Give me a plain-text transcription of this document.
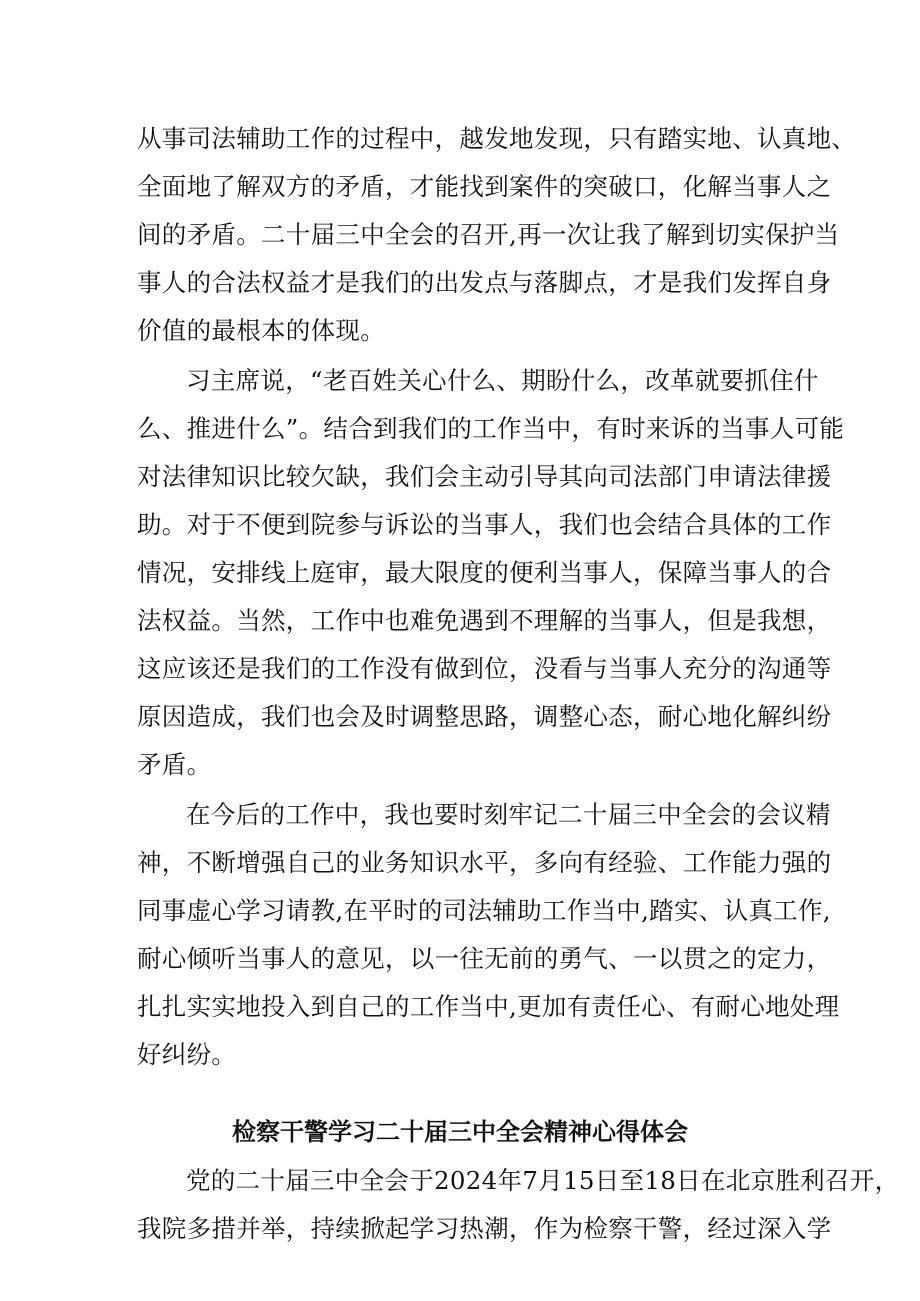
从事司法辅助工作的过程中，越发地发现，只有踏实地、认真地、
全面地了解双方的矛盾，才能找到案件的突破口，化解当事人之
间的矛盾。二十届三中全会的召开,再一次让我了解到切实保护当
事人的合法权益才是我们的出发点与落脚点，才是我们发挥自身
价值的最根本的体现。
习主席说，“老百姓关心什么、期盼什么，改革就要抓住什
么、推进什么”。结合到我们的工作当中，有时来诉的当事人可能
对法律知识比较欠缺，我们会主动引导其向司法部门申请法律援
助。对于不便到院参与诉讼的当事人，我们也会结合具体的工作
情况，安排线上庭审，最大限度的便利当事人，保障当事人的合
法权益。当然，工作中也难免遇到不理解的当事人，但是我想，
这应该还是我们的工作没有做到位，没看与当事人充分的沟通等
原因造成，我们也会及时调整思路，调整心态，耐心地化解纠纷
矛盾。
在今后的工作中，我也要时刻牢记二十届三中全会的会议精
神，不断增强自己的业务知识水平，多向有经验、工作能力强的
同事虚心学习请教,在平时的司法辅助工作当中,踏实、认真工作,
耐心倾听当事人的意见，以一往无前的勇气、一以贯之的定力，
扎扎实实地投入到自己的工作当中,更加有责任心、有耐心地处理
好纠纷。
检察干警学习二十届三中全会精神心得体会
党的二十届三中全会于2024年7月15日至18日在北京胜利召开，
我院多措并举，持续掀起学习热潮，作为检察干警，经过深入学
